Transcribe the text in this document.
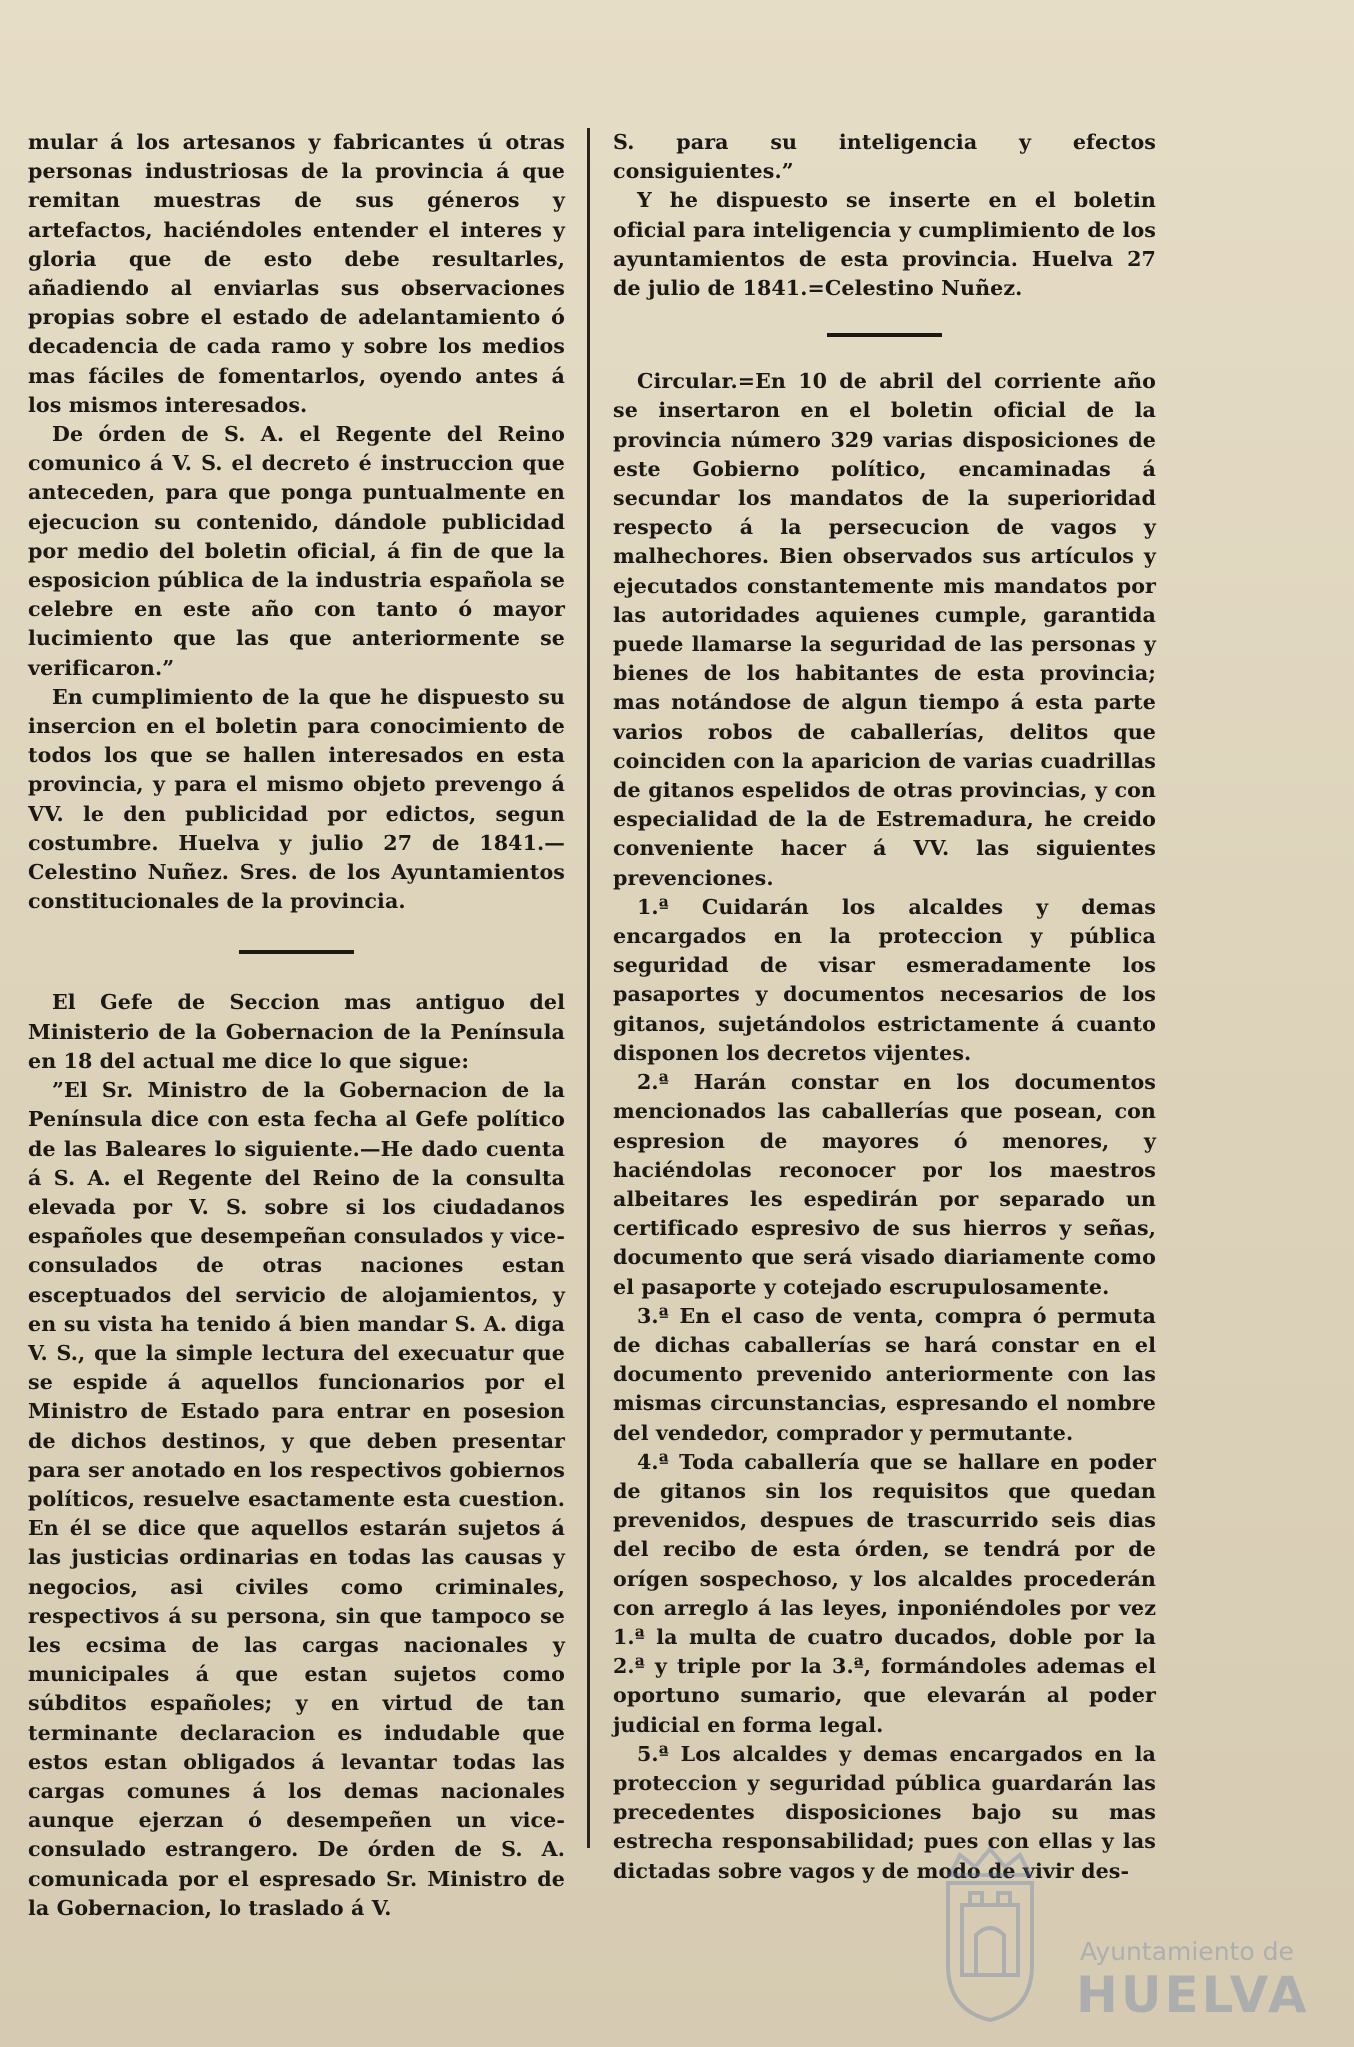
mular á los artesanos y fabricantes ú otras personas industriosas de la provincia á que remitan muestras de sus géneros y artefactos, haciéndoles entender el interes y gloria que de esto debe resultarles, añadiendo al enviarlas sus observaciones propias sobre el estado de adelantamiento ó decadencia de cada ramo y sobre los medios mas fáciles de fomentarlos, oyendo antes á los mismos interesados.

De órden de S. A. el Regente del Reino comunico á V. S. el decreto é instruccion que anteceden, para que ponga puntualmente en ejecucion su contenido, dándole publicidad por medio del boletin oficial, á fin de que la esposicion pública de la industria española se celebre en este año con tanto ó mayor lucimiento que las que anteriormente se verificaron.”

En cumplimiento de la que he dispuesto su insercion en el boletin para conocimiento de todos los que se hallen interesados en esta provincia, y para el mismo objeto prevengo á VV. le den publicidad por edictos, segun costumbre. Huelva y julio 27 de 1841.—Celestino Nuñez. Sres. de los Ayuntamientos constitucionales de la provincia.

El Gefe de Seccion mas antiguo del Ministerio de la Gobernacion de la Península en 18 del actual me dice lo que sigue:

”El Sr. Ministro de la Gobernacion de la Península dice con esta fecha al Gefe político de las Baleares lo siguiente.—He dado cuenta á S. A. el Regente del Reino de la consulta elevada por V. S. sobre si los ciudadanos españoles que desempeñan consulados y vice-consulados de otras naciones estan esceptuados del servicio de alojamientos, y en su vista ha tenido á bien mandar S. A. diga V. S., que la simple lectura del execuatur que se espide á aquellos funcionarios por el Ministro de Estado para entrar en posesion de dichos destinos, y que deben presentar para ser anotado en los respectivos gobiernos políticos, resuelve esactamente esta cuestion. En él se dice que aquellos estarán sujetos á las justicias ordinarias en todas las causas y negocios, asi civiles como criminales, respectivos á su persona, sin que tampoco se les ecsima de las cargas nacionales y municipales á que estan sujetos como súbditos españoles; y en virtud de tan terminante declaracion es indudable que estos estan obligados á levantar todas las cargas comunes á los demas nacionales aunque ejerzan ó desempeñen un vice-consulado estrangero. De órden de S. A. comunicada por el espresado Sr. Ministro de la Gobernacion, lo traslado á V.

S. para su inteligencia y efectos consiguientes.”

Y he dispuesto se inserte en el boletin oficial para inteligencia y cumplimiento de los ayuntamientos de esta provincia. Huelva 27 de julio de 1841.=Celestino Nuñez.

Circular.=En 10 de abril del corriente año se insertaron en el boletin oficial de la provincia número 329 varias disposiciones de este Gobierno político, encaminadas á secundar los mandatos de la superioridad respecto á la persecucion de vagos y malhechores. Bien observados sus artículos y ejecutados constantemente mis mandatos por las autoridades aquienes cumple, garantida puede llamarse la seguridad de las personas y bienes de los habitantes de esta provincia; mas notándose de algun tiempo á esta parte varios robos de caballerías, delitos que coinciden con la aparicion de varias cuadrillas de gitanos espelidos de otras provincias, y con especialidad de la de Estremadura, he creido conveniente hacer á VV. las siguientes prevenciones.

1.ª Cuidarán los alcaldes y demas encargados en la proteccion y pública seguridad de visar esmeradamente los pasaportes y documentos necesarios de los gitanos, sujetándolos estrictamente á cuanto disponen los decretos vijentes.

2.ª Harán constar en los documentos mencionados las caballerías que posean, con espresion de mayores ó menores, y haciéndolas reconocer por los maestros albeitares les espedirán por separado un certificado espresivo de sus hierros y señas, documento que será visado diariamente como el pasaporte y cotejado escrupulosamente.

3.ª En el caso de venta, compra ó permuta de dichas caballerías se hará constar en el documento prevenido anteriormente con las mismas circunstancias, espresando el nombre del vendedor, comprador y permutante.

4.ª Toda caballería que se hallare en poder de gitanos sin los requisitos que quedan prevenidos, despues de trascurrido seis dias del recibo de esta órden, se tendrá por de orígen sospechoso, y los alcaldes procederán con arreglo á las leyes, inponiéndoles por vez 1.ª la multa de cuatro ducados, doble por la 2.ª y triple por la 3.ª, formándoles ademas el oportuno sumario, que elevarán al poder judicial en forma legal.

5.ª Los alcaldes y demas encargados en la proteccion y seguridad pública guardarán las precedentes disposiciones bajo su mas estrecha responsabilidad; pues con ellas y las dictadas sobre vagos y de modo de vivir des-

Ayuntamiento de
HUELVA
